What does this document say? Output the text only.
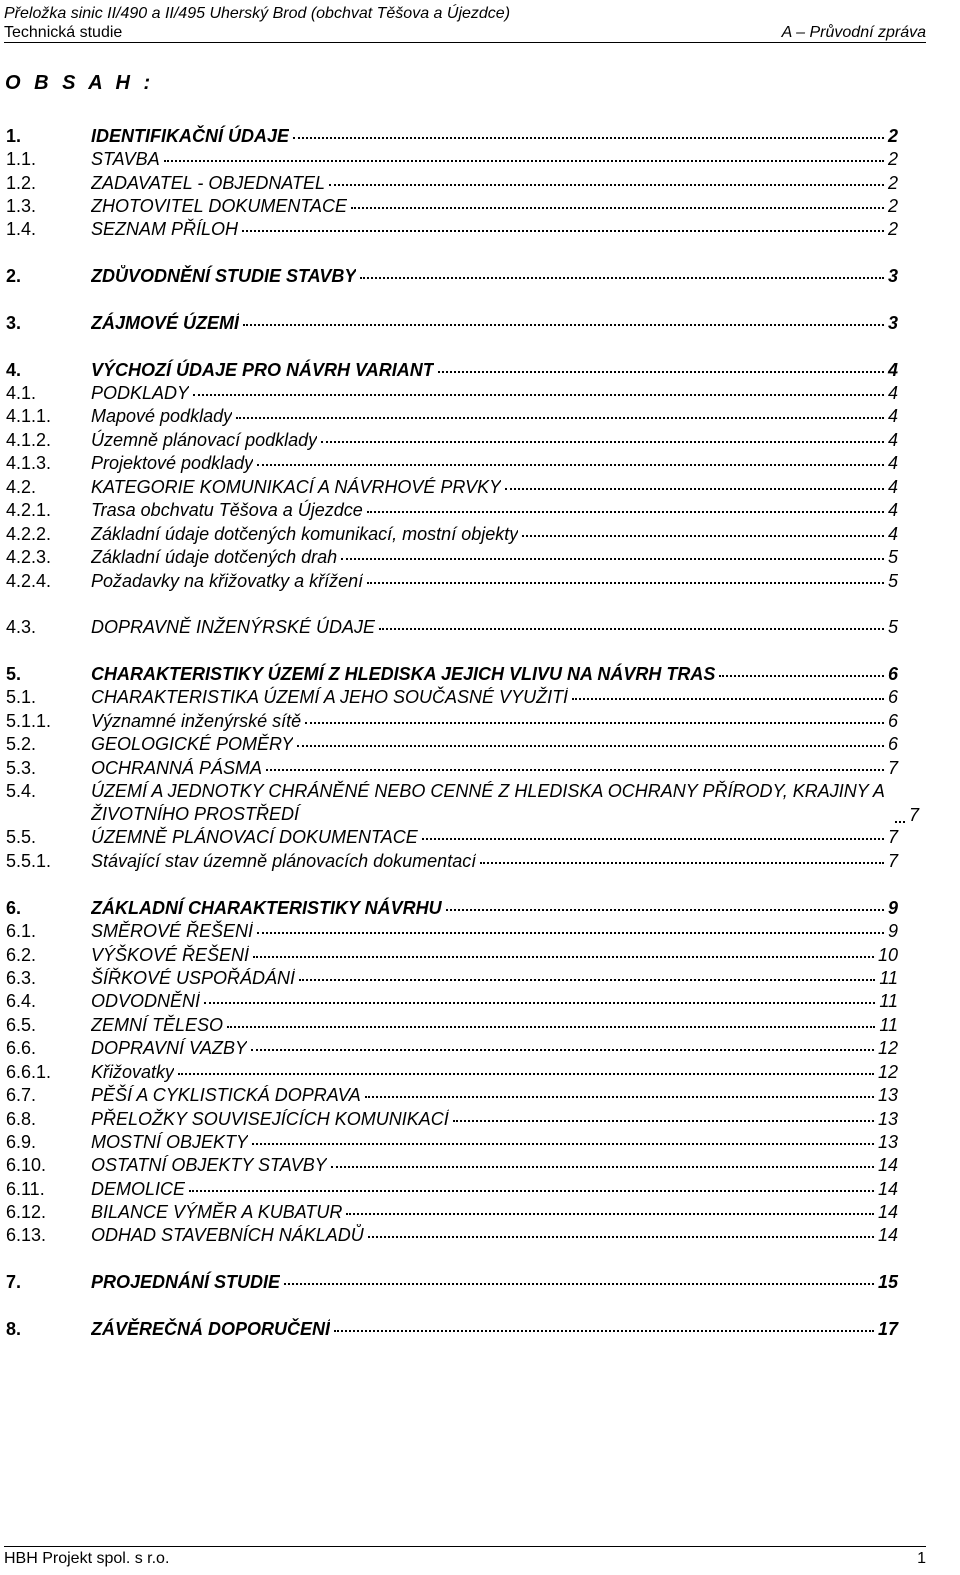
Přeložka sinic II/490 a II/495 Uherský Brod (obchvat Těšova a Újezdce)
Technická studie	A – Průvodní zpráva
O B S A H :
1.	IDENTIFIKAČNÍ ÚDAJE	2
1.1.	STAVBA	2
1.2.	ZADAVATEL - OBJEDNATEL	2
1.3.	ZHOTOVITEL DOKUMENTACE	2
1.4.	SEZNAM PŘÍLOH	2
2.	ZDŮVODNĚNÍ STUDIE STAVBY	3
3.	ZÁJMOVÉ ÚZEMÍ	3
4.	VÝCHOZÍ ÚDAJE PRO NÁVRH VARIANT	4
4.1.	PODKLADY	4
4.1.1.	Mapové podklady	4
4.1.2.	Územně plánovací podklady	4
4.1.3.	Projektové podklady	4
4.2.	KATEGORIE KOMUNIKACÍ A NÁVRHOVÉ PRVKY	4
4.2.1.	Trasa obchvatu Těšova a Újezdce	4
4.2.2.	Základní údaje dotčených komunikací, mostní objekty	4
4.2.3.	Základní údaje dotčených drah	5
4.2.4.	Požadavky na křižovatky a křížení	5
4.3.	DOPRAVNĚ INŽENÝRSKÉ ÚDAJE	5
5.	CHARAKTERISTIKY ÚZEMÍ Z HLEDISKA JEJICH VLIVU NA NÁVRH TRAS	6
5.1.	CHARAKTERISTIKA ÚZEMÍ A JEHO SOUČASNÉ VYUŽITÍ	6
5.1.1.	Významné inženýrské sítě	6
5.2.	GEOLOGICKÉ POMĚRY	6
5.3.	OCHRANNÁ PÁSMA	7
5.4.	ÚZEMÍ A JEDNOTKY CHRÁNĚNÉ NEBO CENNÉ Z HLEDISKA OCHRANY PŘÍRODY, KRAJINY A ŽIVOTNÍHO PROSTŘEDÍ	7
5.5.	ÚZEMNĚ PLÁNOVACÍ DOKUMENTACE	7
5.5.1.	Stávající stav územně plánovacích dokumentací	7
6.	ZÁKLADNÍ CHARAKTERISTIKY NÁVRHU	9
6.1.	SMĚROVÉ ŘEŠENÍ	9
6.2.	VÝŠKOVÉ ŘEŠENÍ	10
6.3.	ŠÍŘKOVÉ USPOŘÁDÁNÍ	11
6.4.	ODVODNĚNÍ	11
6.5.	ZEMNÍ TĚLESO	11
6.6.	DOPRAVNÍ VAZBY	12
6.6.1.	Křižovatky	12
6.7.	PĚŠÍ A CYKLISTICKÁ DOPRAVA	13
6.8.	PŘELOŽKY SOUVISEJÍCÍCH KOMUNIKACÍ	13
6.9.	MOSTNÍ OBJEKTY	13
6.10.	OSTATNÍ OBJEKTY STAVBY	14
6.11.	DEMOLICE	14
6.12.	BILANCE VÝMĚR A KUBATUR	14
6.13.	ODHAD STAVEBNÍCH NÁKLADŮ	14
7.	PROJEDNÁNÍ STUDIE	15
8.	ZÁVĚREČNÁ DOPORUČENÍ	17
HBH Projekt spol. s r.o.	1
